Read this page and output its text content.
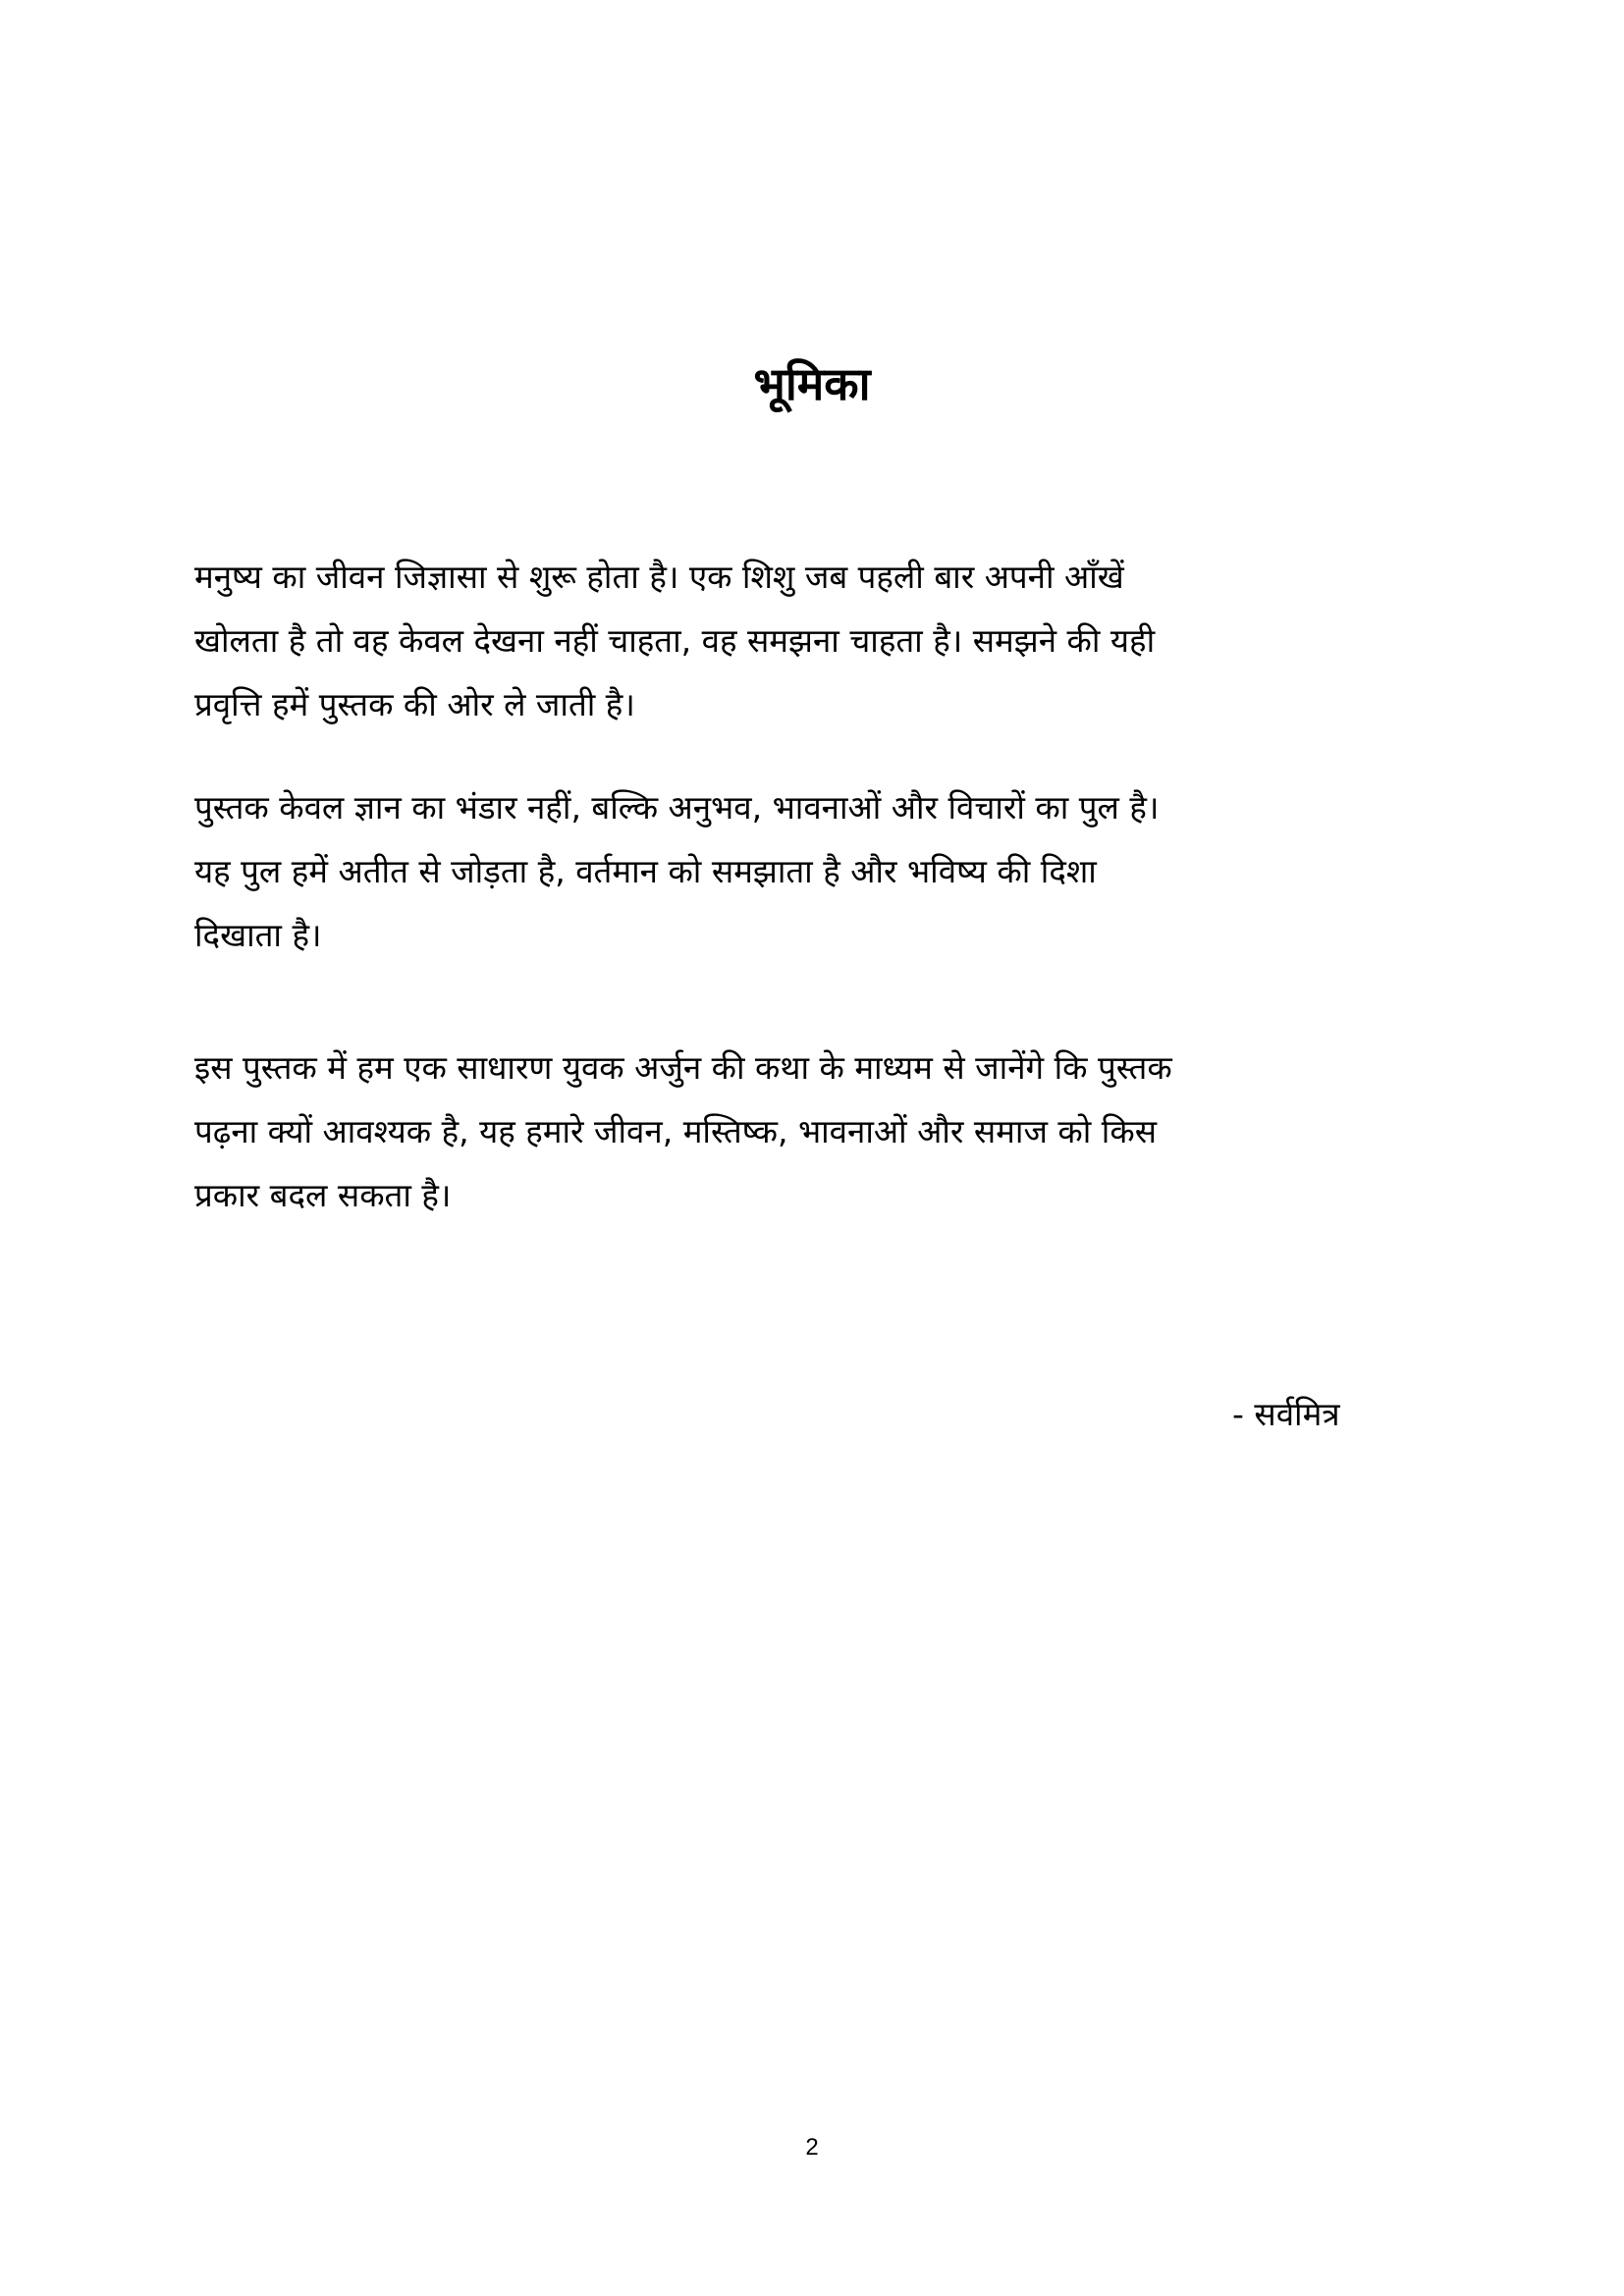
भूमिका
मनुष्य का जीवन जिज्ञासा से शुरू होता है। एक शिशु जब पहली बार अपनी आँखें
खोलता है तो वह केवल देखना नहीं चाहता, वह समझना चाहता है। समझने की यही
प्रवृत्ति हमें पुस्तक की ओर ले जाती है।
पुस्तक केवल ज्ञान का भंडार नहीं, बल्कि अनुभव, भावनाओं और विचारों का पुल है।
यह पुल हमें अतीत से जोड़ता है, वर्तमान को समझाता है और भविष्य की दिशा
दिखाता है।
इस पुस्तक में हम एक साधारण युवक अर्जुन की कथा के माध्यम से जानेंगे कि पुस्तक
पढ़ना क्यों आवश्यक है, यह हमारे जीवन, मस्तिष्क, भावनाओं और समाज को किस
प्रकार बदल सकता है।
- सर्वमित्र
2
